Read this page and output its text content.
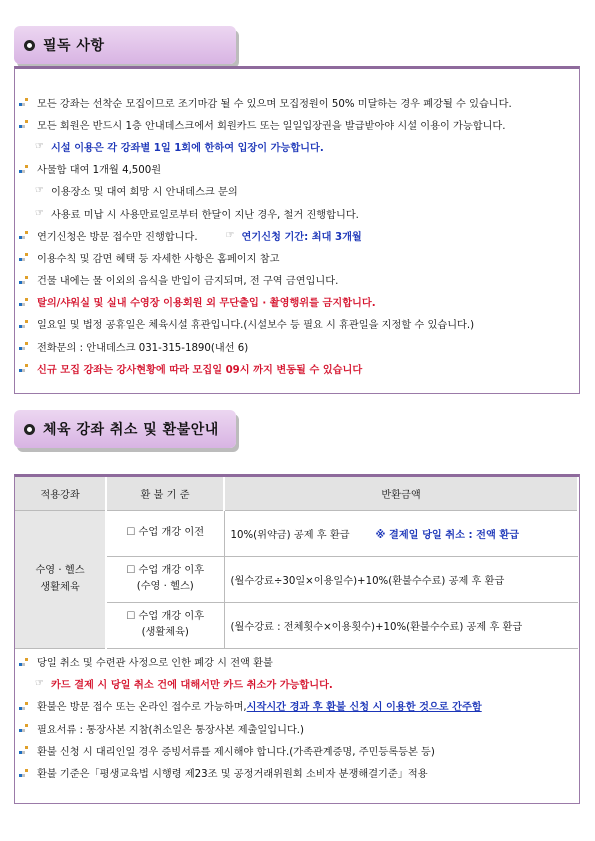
필독 사항
모든 강좌는 선착순 모집이므로 조기마감 될 수 있으며 모집정원이 50% 미달하는 경우 폐강될 수 있습니다.
모든 회원은 반드시 1층 안내데스크에서 회원카드 또는 일일입장권을 발급받아야 시설 이용이 가능합니다.
☞ 시설 이용은 각 강좌별 1일 1회에 한하여 입장이 가능합니다.
사물함 대여 1개월 4,500원
☞ 이용장소 및 대여 희망 시 안내데스크 문의
☞ 사용료 미납 시 사용만료일로부터 한달이 지난 경우, 철거 진행합니다.
연기신청은 방문 접수만 진행합니다.	☞ 연기신청 기간: 최대 3개월
이용수칙 및 감면 혜택 등 자세한 사항은 홈페이지 참고
건물 내에는 물 이외의 음식을 반입이 금지되며, 전 구역 금연입니다.
탈의/샤워실 및 실내 수영장 이용회원 외 무단출입 · 촬영행위를 금지합니다.
일요일 및 법정 공휴일은 체육시설 휴관입니다.(시설보수 등 필요 시 휴관일을 지정할 수 있습니다.)
전화문의 : 안내데스크 031-315-1890(내선 6)
신규 모집 강좌는 강사현황에 따라 모집일 09시 까지 변동될 수 있습니다
체육 강좌 취소 및 환불안내
적용강좌	환 불 기 준	반환금액

수영 · 헬스
생활체육	☐ 수업 개강 이전	10%(위약금) 공제 후 환급 ※ 결제일 당일 취소 : 전액 환급

	☐ 수업 개강 이후
(수영 · 헬스)	(월수강료÷30일×이용일수)+10%(환불수수료) 공제 후 환급

	☐ 수업 개강 이후
(생활체육)	(월수강료 : 전체횟수×이용횟수)+10%(환불수수료) 공제 후 환급
당일 취소 및 수련관 사정으로 인한 폐강 시 전액 환불
☞ 카드 결제 시 당일 취소 건에 대해서만 카드 취소가 가능합니다.
환불은 방문 접수 또는 온라인 접수로 가능하며, 시작시간 경과 후 환불 신청 시 이용한 것으로 간주함
필요서류 : 통장사본 지참(취소일은 통장사본 제출일입니다.)
환불 신청 시 대리인일 경우 증빙서류를 제시해야 합니다.(가족관계증명, 주민등록등본 등)
환불 기준은「평생교육법 시행령 제23조 및 공정거래위원회 소비자 분쟁해결기준」적용
